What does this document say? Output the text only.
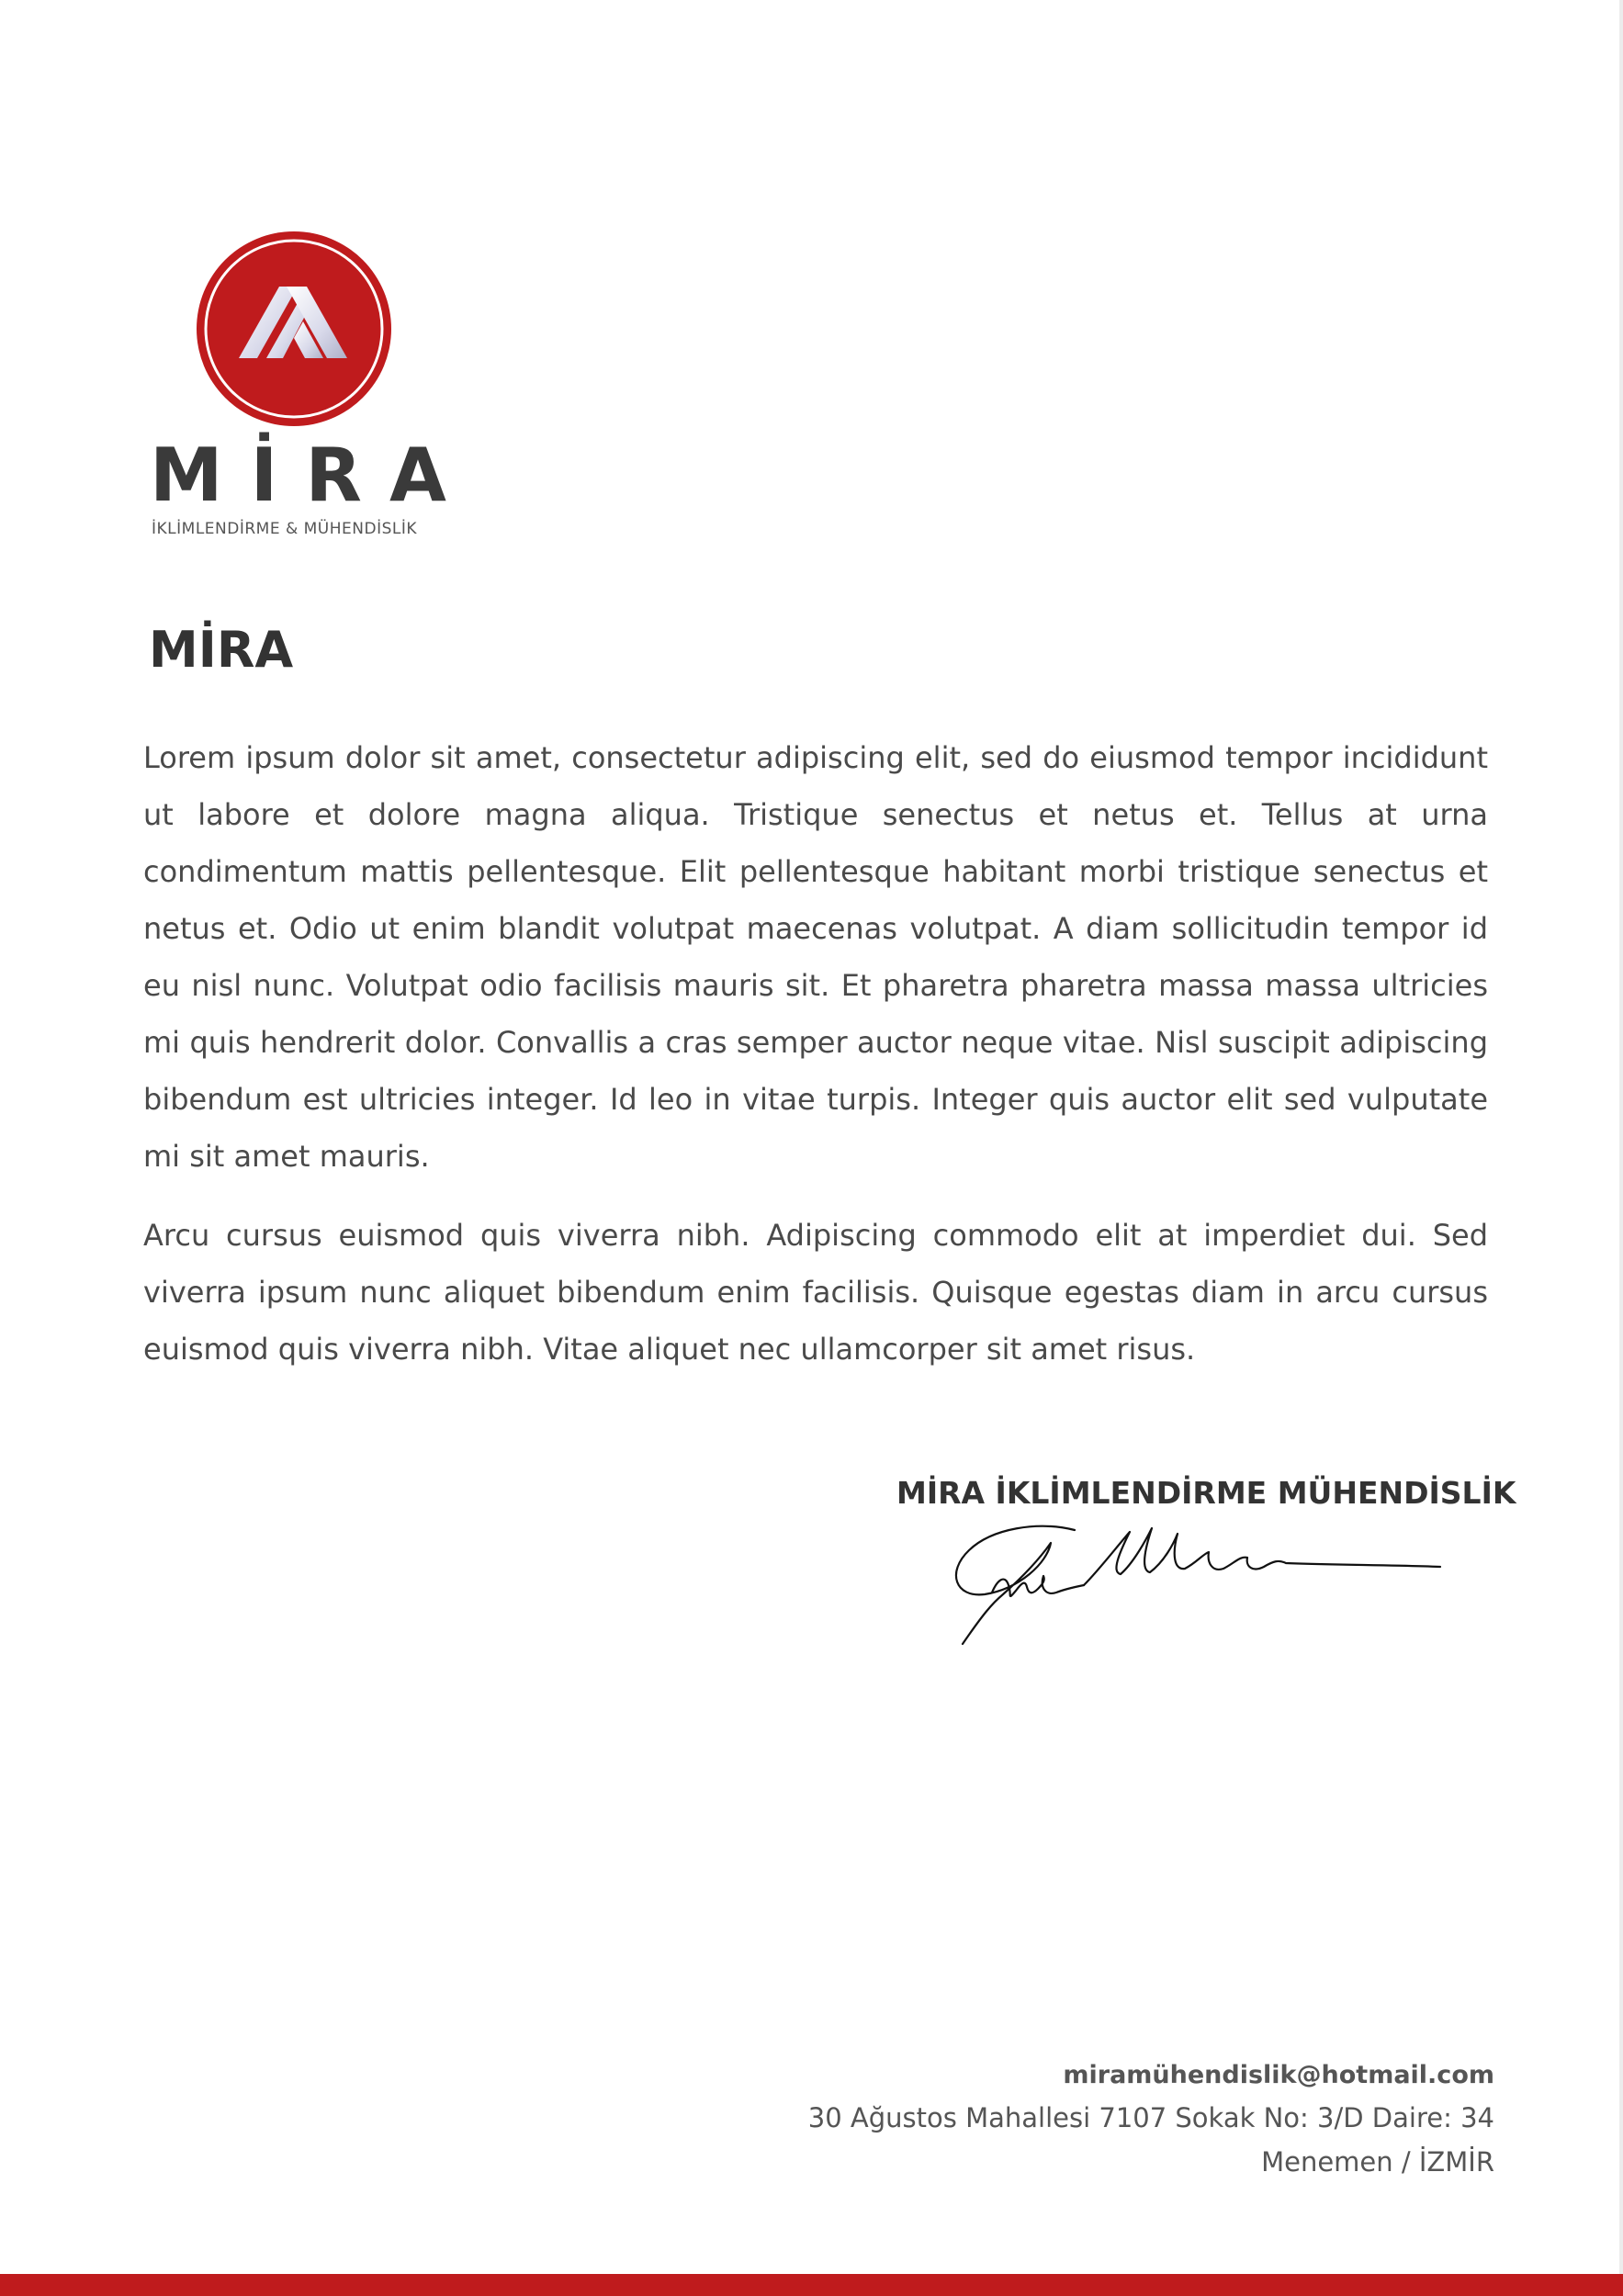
MİRA
İKLİMLENDİRME & MÜHENDİSLİK
MİRA

Lorem ipsum dolor sit amet, consectetur adipiscing elit, sed do eiusmod tempor incididunt ut labore et dolore magna aliqua. Tristique senectus et netus et. Tellus at urna condimentum mattis pellentesque. Elit pellentesque habitant morbi tristique senectus et netus et. Odio ut enim blandit volutpat maecenas volutpat. A diam sollicitudin tempor id eu nisl nunc. Volutpat odio facilisis mauris sit. Et pharetra pharetra massa massa ultricies mi quis hendrerit dolor. Convallis a cras semper auctor neque vitae. Nisl suscipit adipiscing bibendum est ultricies integer. Id leo in vitae turpis. Integer quis auctor elit sed vulputate mi sit amet mauris.

Arcu cursus euismod quis viverra nibh. Adipiscing commodo elit at imperdiet dui. Sed viverra ipsum nunc aliquet bibendum enim facilisis. Quisque egestas diam in arcu cursus euismod quis viverra nibh. Vitae aliquet nec ullamcorper sit amet risus.

MİRA İKLİMLENDİRME MÜHENDİSLİK
miramühendislik@hotmail.com
30 Ağustos Mahallesi 7107 Sokak No: 3/D Daire: 34
Menemen / İZMİR
